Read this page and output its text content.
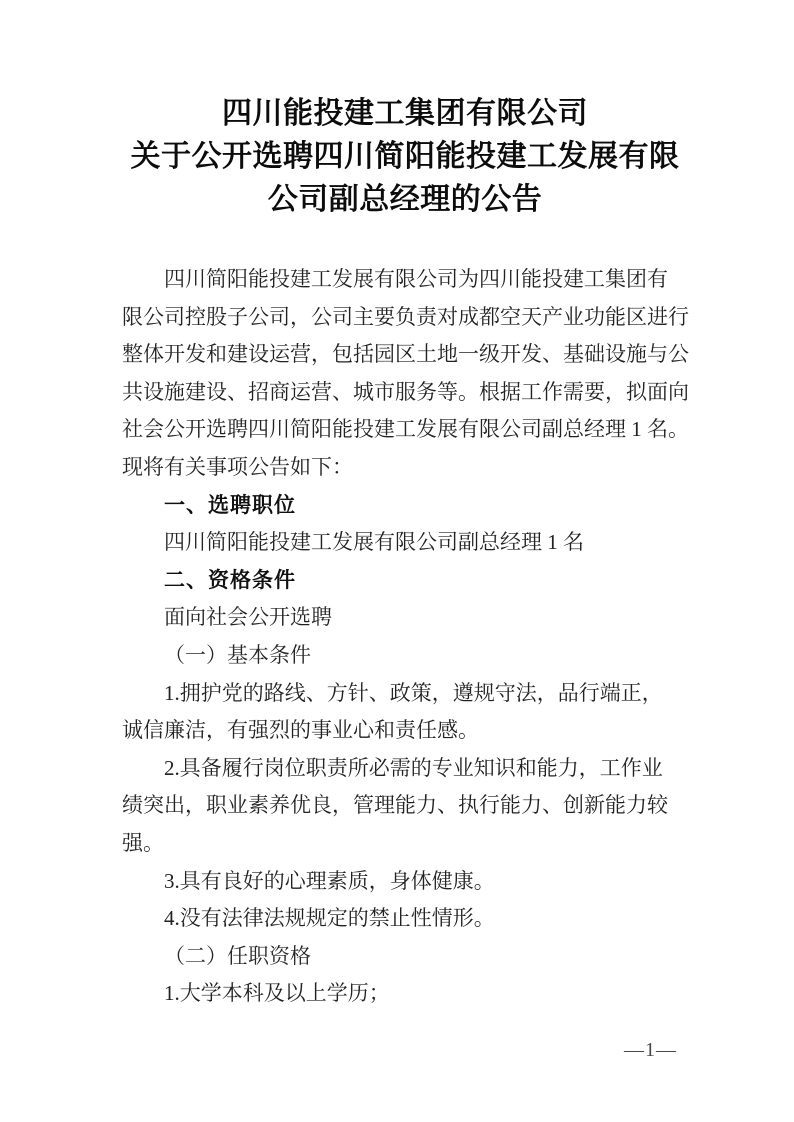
四川能投建工集团有限公司
关于公开选聘四川简阳能投建工发展有限
公司副总经理的公告
四川简阳能投建工发展有限公司为四川能投建工集团有
限公司控股子公司，公司主要负责对成都空天产业功能区进行
整体开发和建设运营，包括园区土地一级开发、基础设施与公
共设施建设、招商运营、城市服务等。根据工作需要，拟面向
社会公开选聘四川简阳能投建工发展有限公司副总经理 1 名。
现将有关事项公告如下：
一、选聘职位
四川简阳能投建工发展有限公司副总经理 1 名
二、资格条件
面向社会公开选聘
（一）基本条件
1.拥护党的路线、方针、政策，遵规守法，品行端正，
诚信廉洁，有强烈的事业心和责任感。
2.具备履行岗位职责所必需的专业知识和能力，工作业
绩突出，职业素养优良，管理能力、执行能力、创新能力较
强。
3.具有良好的心理素质，身体健康。
4.没有法律法规规定的禁止性情形。
（二）任职资格
1.大学本科及以上学历；
—1—
